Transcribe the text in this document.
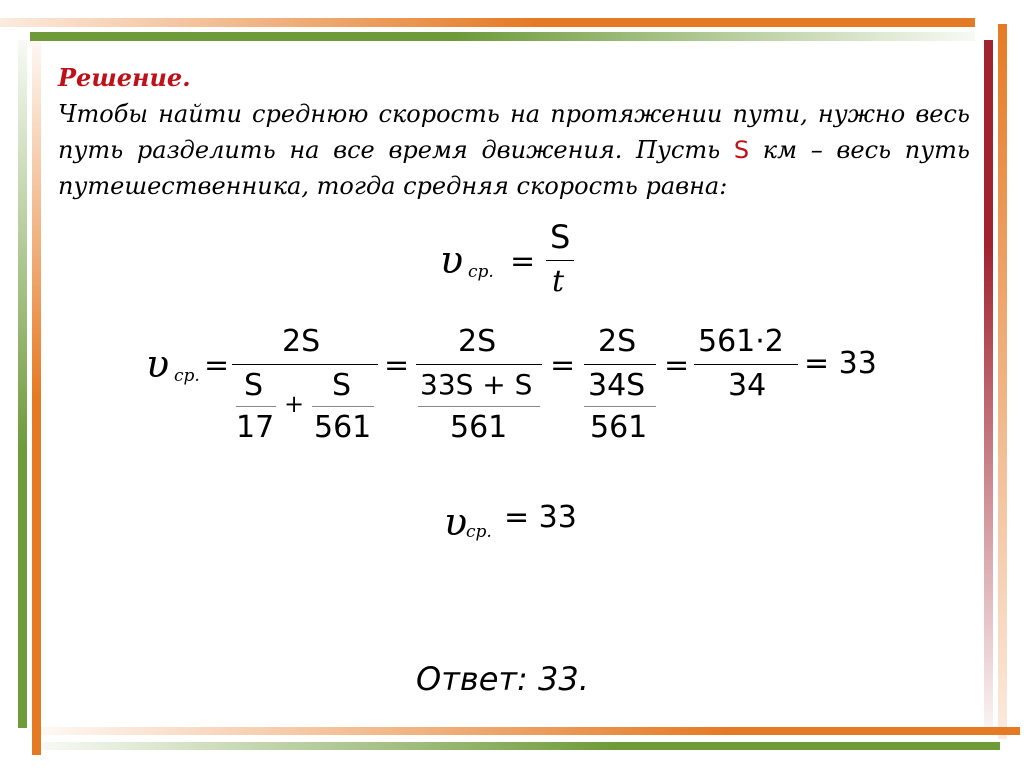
Решение.
Чтобы найти среднюю скорость на протяжении пути, нужно весь путь разделить на все время движения. Пусть S км – весь путь путешественника, тогда средняя скорость равна:
υ ср. =
S
t
υ ср. =
2S
S
17
+
S
561
=
2S
33S + S
561
=
2S
34S
561
=
561·2
34
= 33
υ
ср. = 33
Ответ: 33.
